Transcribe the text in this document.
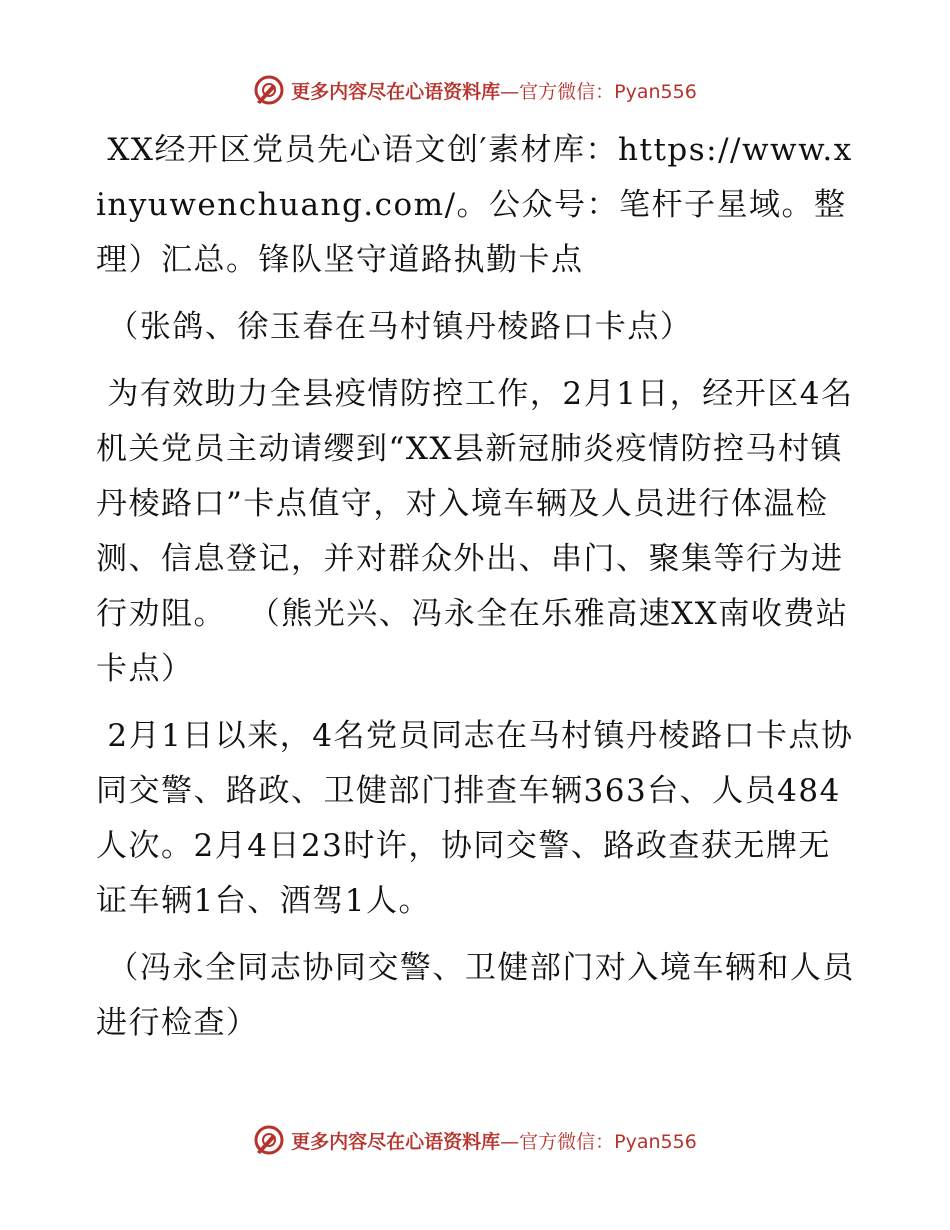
更多内容尽在心语资料库—官方微信：Pyan556

XX经开区党员先心语文创′素材库：https://www.xinyuwenchuang.com/。公众号：笔杆子星域。整理）汇总。锋队坚守道路执勤卡点

（张鸽、徐玉春在马村镇丹棱路口卡点）

为有效助力全县疫情防控工作，2月1日，经开区4名机关党员主动请缨到“XX县新冠肺炎疫情防控马村镇丹棱路口”卡点值守，对入境车辆及人员进行体温检测、信息登记，并对群众外出、串门、聚集等行为进行劝阻。  （熊光兴、冯永全在乐雅高速XX南收费站卡点）

2月1日以来，4名党员同志在马村镇丹棱路口卡点协同交警、路政、卫健部门排查车辆363台、人员484人次。2月4日23时许，协同交警、路政查获无牌无证车辆1台、酒驾1人。

（冯永全同志协同交警、卫健部门对入境车辆和人员进行检查）

更多内容尽在心语资料库—官方微信：Pyan556
